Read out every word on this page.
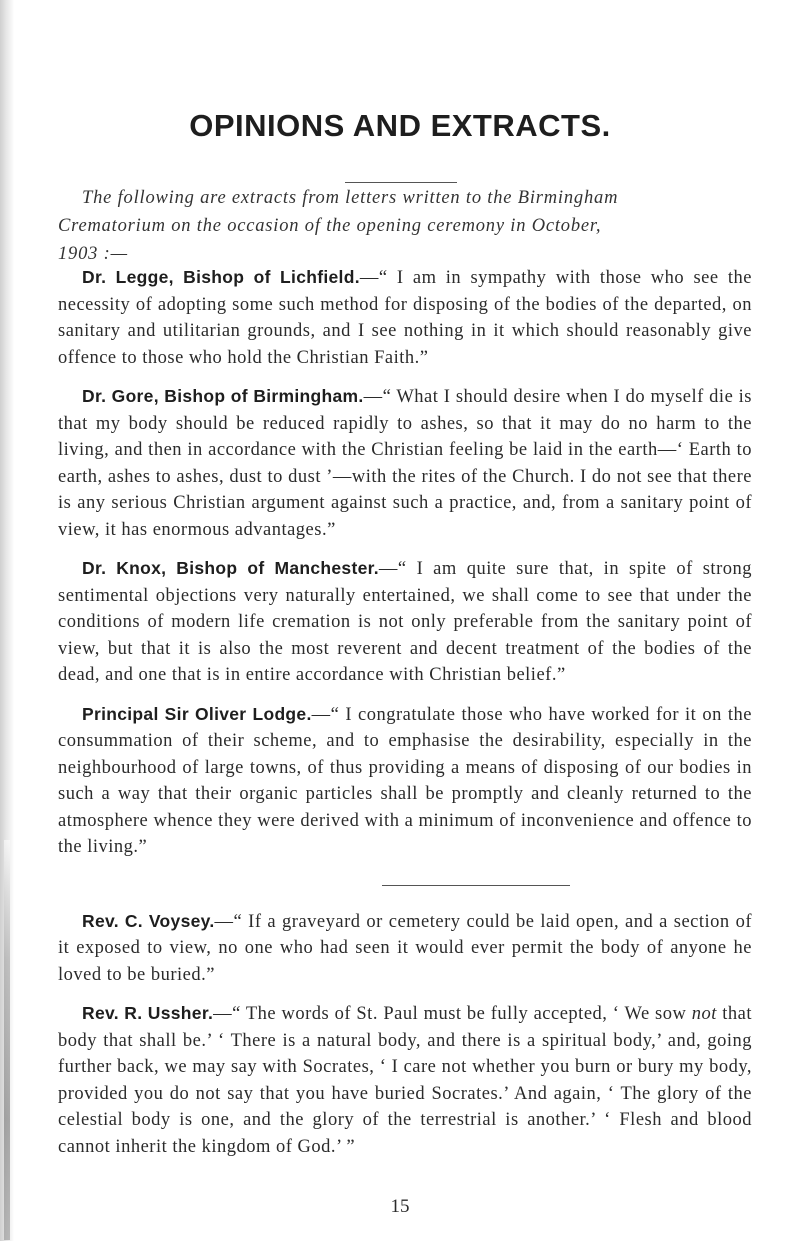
OPINIONS AND EXTRACTS.

The following are extracts from letters written to the Birmingham
Crematorium on the occasion of the opening ceremony in October,
1903 :—

Dr. Legge, Bishop of Lichfield.—“ I am in sympathy with those who see the necessity of adopting some such method for disposing of the bodies of the departed, on sanitary and utilitarian grounds, and I see nothing in it which should reasonably give offence to those who hold the Christian Faith.”

Dr. Gore, Bishop of Birmingham.—“ What I should desire when I do myself die is that my body should be reduced rapidly to ashes, so that it may do no harm to the living, and then in accordance with the Christian feeling be laid in the earth—‘ Earth to earth, ashes to ashes, dust to dust ’—with the rites of the Church. I do not see that there is any serious Christian argument against such a practice, and, from a sanitary point of view, it has enormous advantages.”

Dr. Knox, Bishop of Manchester.—“ I am quite sure that, in spite of strong sentimental objections very naturally entertained, we shall come to see that under the conditions of modern life cremation is not only preferable from the sanitary point of view, but that it is also the most reverent and decent treatment of the bodies of the dead, and one that is in entire accordance with Christian belief.”

Principal Sir Oliver Lodge.—“ I congratulate those who have worked for it on the consummation of their scheme, and to emphasise the desirability, especially in the neighbourhood of large towns, of thus providing a means of disposing of our bodies in such a way that their organic particles shall be promptly and cleanly returned to the atmosphere whence they were derived with a minimum of inconvenience and offence to the living.”

Rev. C. Voysey.—“ If a graveyard or cemetery could be laid open, and a section of it exposed to view, no one who had seen it would ever permit the body of anyone he loved to be buried.”

Rev. R. Ussher.—“ The words of St. Paul must be fully accepted, ‘ We sow not that body that shall be.’ ‘ There is a natural body, and there is a spiritual body,’ and, going further back, we may say with Socrates, ‘ I care not whether you burn or bury my body, provided you do not say that you have buried Socrates.’ And again, ‘ The glory of the celestial body is one, and the glory of the terrestrial is another.’ ‘ Flesh and blood cannot inherit the kingdom of God.’ ”

15
